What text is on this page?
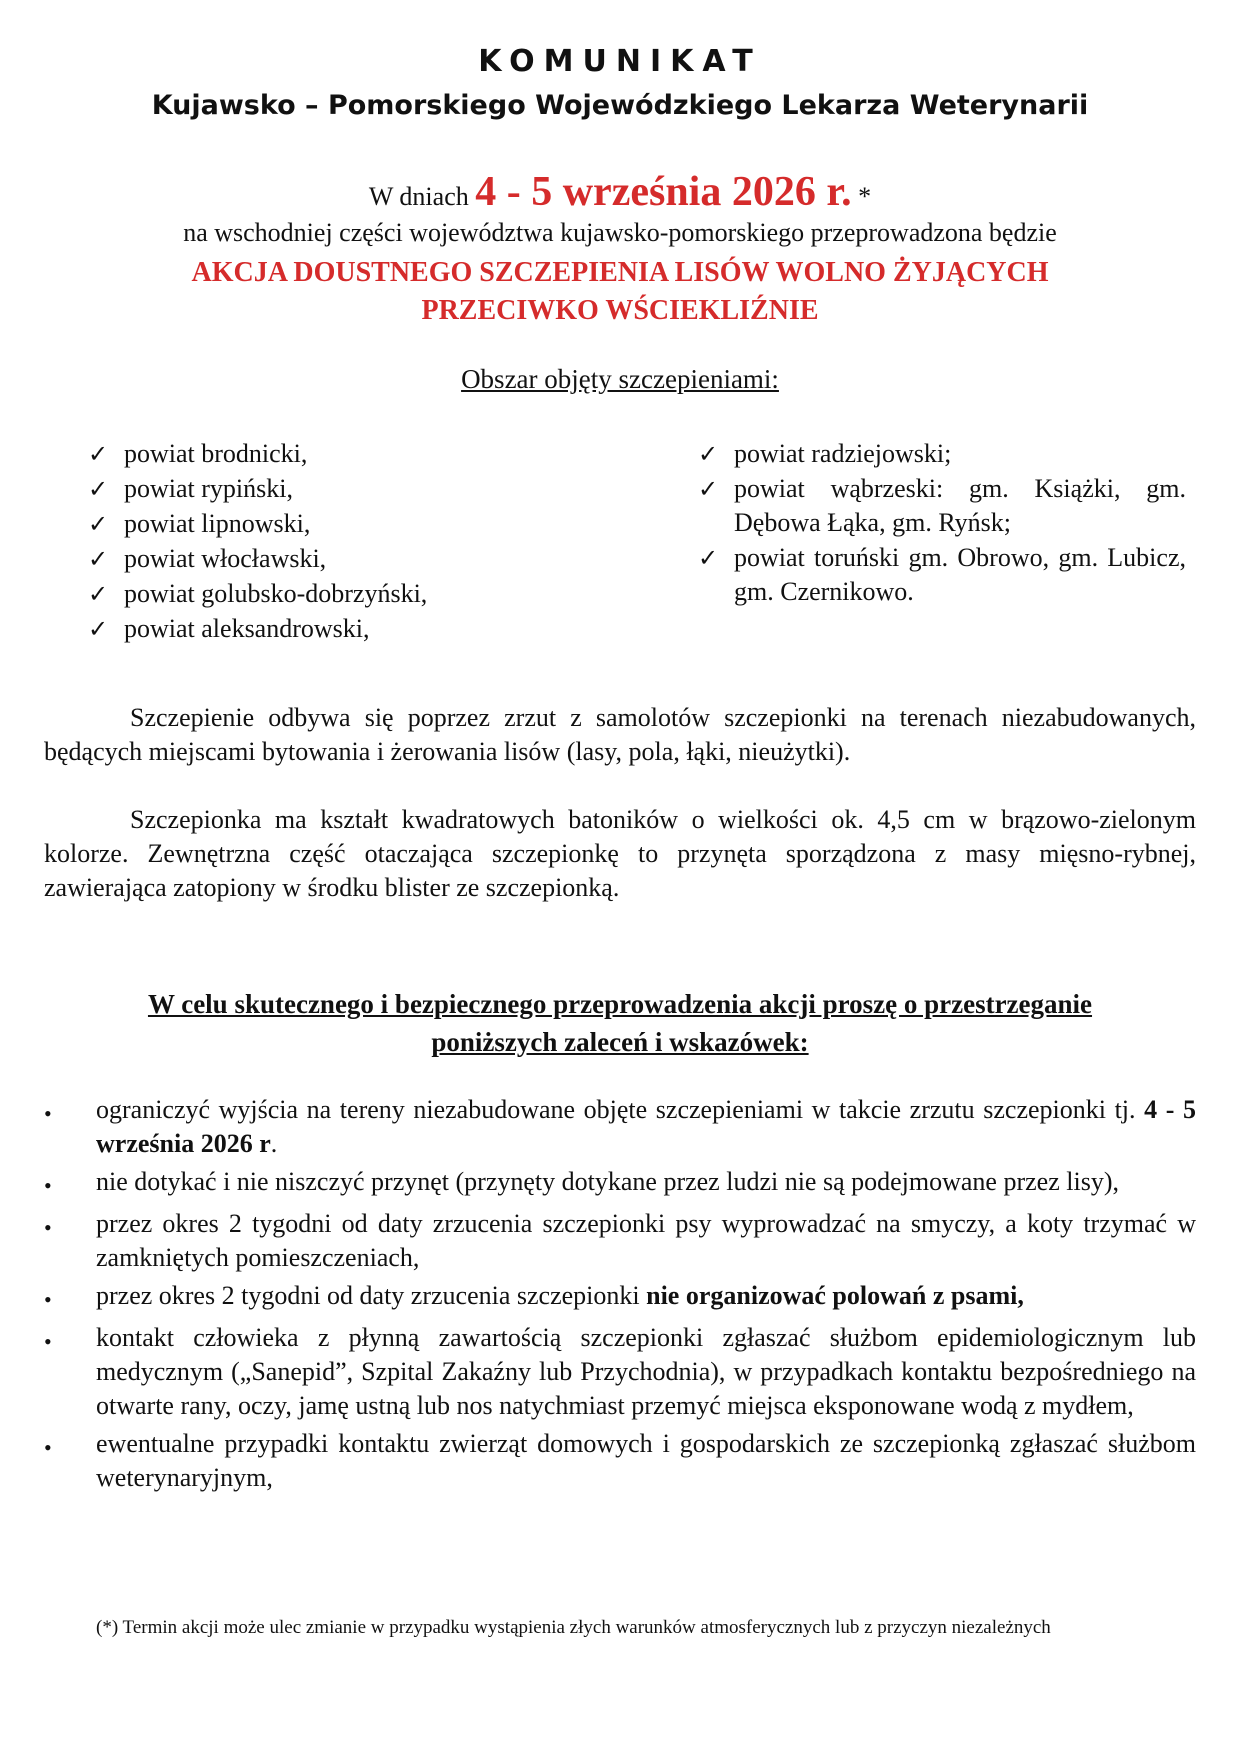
KOMUNIKAT
Kujawsko – Pomorskiego Wojewódzkiego Lekarza Weterynarii
W dniach 4 - 5 września 2026 r. *
na wschodniej części województwa kujawsko-pomorskiego przeprowadzona będzie
AKCJA DOUSTNEGO SZCZEPIENIA LISÓW WOLNO ŻYJĄCYCH
PRZECIWKO WŚCIEKLIŹNIE
Obszar objęty szczepieniami:
✓ powiat brodnicki,
✓ powiat rypiński,
✓ powiat lipnowski,
✓ powiat włocławski,
✓ powiat golubsko-dobrzyński,
✓ powiat aleksandrowski,
✓ powiat radziejowski;
✓ powiat wąbrzeski: gm. Książki, gm. Dębowa Łąka, gm. Ryńsk;
✓ powiat toruński gm. Obrowo, gm. Lubicz, gm. Czernikowo.
Szczepienie odbywa się poprzez zrzut z samolotów szczepionki na terenach niezabudowanych, będących miejscami bytowania i żerowania lisów (lasy, pola, łąki, nieużytki).
Szczepionka ma kształt kwadratowych batoników o wielkości ok. 4,5 cm w brązowo-zielonym kolorze. Zewnętrzna część otaczająca szczepionkę to przynęta sporządzona z masy mięsno-rybnej, zawierająca zatopiony w środku blister ze szczepionką.
W celu skutecznego i bezpiecznego przeprowadzenia akcji proszę o przestrzeganie
poniższych zaleceń i wskazówek:
•	ograniczyć wyjścia na tereny niezabudowane objęte szczepieniami w takcie zrzutu szczepionki tj. 4 - 5 września 2026 r.
•	nie dotykać i nie niszczyć przynęt (przynęty dotykane przez ludzi nie są podejmowane przez lisy),
•	przez okres 2 tygodni od daty zrzucenia szczepionki psy wyprowadzać na smyczy, a koty trzymać w zamkniętych pomieszczeniach,
•	przez okres 2 tygodni od daty zrzucenia szczepionki nie organizować polowań z psami,
•	kontakt człowieka z płynną zawartością szczepionki zgłaszać służbom epidemiologicznym lub medycznym („Sanepid”, Szpital Zakaźny lub Przychodnia), w przypadkach kontaktu bezpośredniego na otwarte rany, oczy, jamę ustną lub nos natychmiast przemyć miejsca eksponowane wodą z mydłem,
•	ewentualne przypadki kontaktu zwierząt domowych i gospodarskich ze szczepionką zgłaszać służbom weterynaryjnym,
(*) Termin akcji może ulec zmianie w przypadku wystąpienia złych warunków atmosferycznych lub z przyczyn niezależnych
